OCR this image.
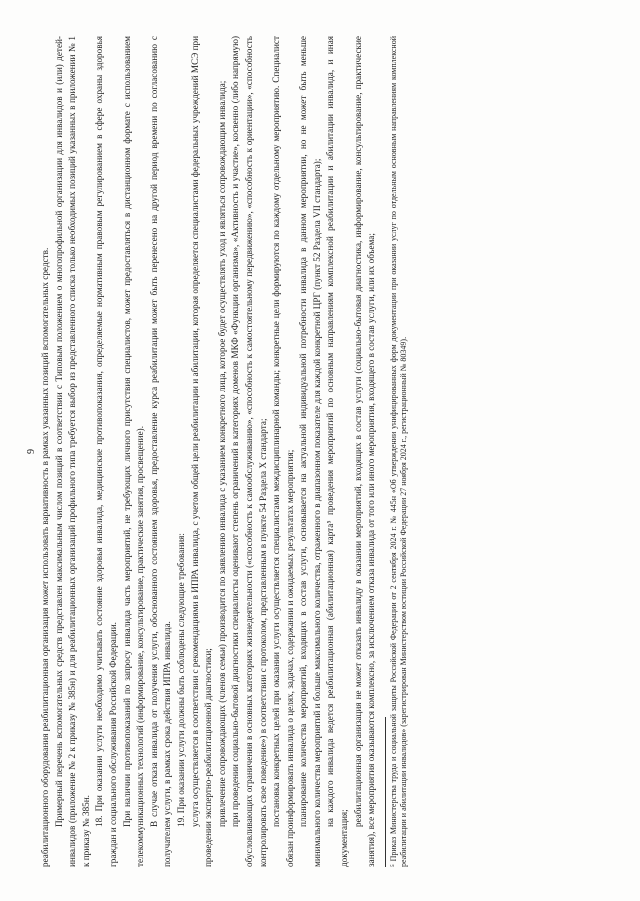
9 реабилитационного оборудования реабилитационная организация может использовать вариативность в рамках указанных позиций вспомогательных средств. Примерный перечень вспомогательных средств представлен максимальным числом позиций в соответствии с Типовым положением о многопрофильной организации для инвалидов и (или) детей-инвалидов (приложение № 2 к приказу № 385н) и для реабилитационных организаций профильного типа требуется выбор из представленного списка только необходимых позиций указанных в приложении № 1 к приказу № 385н.

18. При оказании услуги необходимо учитывать состояние здоровья инвалида, медицинские противопоказания, определяемые нормативным правовым регулированием в сфере охраны здоровья граждан и социального обслуживания Российской Федерации. При наличии противопоказаний по запросу инвалида часть мероприятий, не требующих личного присутствия специалистов, может предоставляться в дистанционном формате с использованием телекоммуникационных технологий (информирование, консультирование, практические занятия, просвещение). В случае отказа инвалида от получения услуги, обоснованного состоянием здоровья, предоставление курса реабилитации может быть перенесено на другой период времени по согласованию с получателем услуги, в рамках срока действия ИПРА инвалида. 19. При оказании услуги должны быть соблюдены следующие требования: услуга осуществляется в соответствии с рекомендациями в ИПРА инвалида, с учетом общей цели реабилитации и абилитации, которая определяется специалистами федеральных учреждений МСЭ при проведении экспертно-реабилитационной диагностики; привлечение сопровождающих (членов семьи) производится по заявлению инвалида с указанием конкретного лица, которое будет осуществлять уход и являться сопровождающим инвалида; при проведении социально-бытовой диагностики специалисты оценивают степень ограничений в категориях доменов МКФ «Функции организма», «Активность и участие», косвенно (либо напрямую) обусловливающих ограничения в основных категориях жизнедеятельности («способность к самообслуживанию», «способность к самостоятельному передвижению», «способность к ориентации», «способность контролировать свое поведение») в соответствии с протоколом, представленным в пункте 54 Раздела X стандарта; постановка конкретных целей при оказании услуги осуществляется специалистами междисциплинарной команды; конкретные цели формируются по каждому отдельному мероприятию. Специалист обязан проинформировать инвалида о целях, задачах, содержании и ожидаемых результатах мероприятия; планирование количества мероприятий, входящих в состав услуги, основывается на актуальной индивидуальной потребности инвалида в данном мероприятии, но не может быть меньше минимального количества мероприятий и больше максимального количества, отраженного в диапазонном показателе для каждой конкретной ЦРГ (пункт 52 Раздела VII стандарта); на каждого инвалида ведется реабилитационная (абилитационная) карта⁵ проведения мероприятий по основным направлениям комплексной реабилитации и абилитации инвалида, и иная документация;

реабилитационная организация не может отказать инвалиду в оказании мероприятий, входящих в состав услуги (социально-бытовая диагностика, информирование, консультирование, практические занятия), все мероприятия оказываются комплексно, за исключением отказа инвалида от того или иного мероприятия, входящего в состав услуги, или их объема;	⁵ Приказ Министерства труда и социальной защиты Российской Федерации от 2 сентября 2024 г. № 445н «Об утверждении унифицированных форм документации при оказании услуг по отдельным основным направлениям комплексной реабилитации и абилитации инвалидов» (зарегистрирован Министерством юстиции Российской Федерации 27 ноября 2024 г., регистрационный № 80349).
